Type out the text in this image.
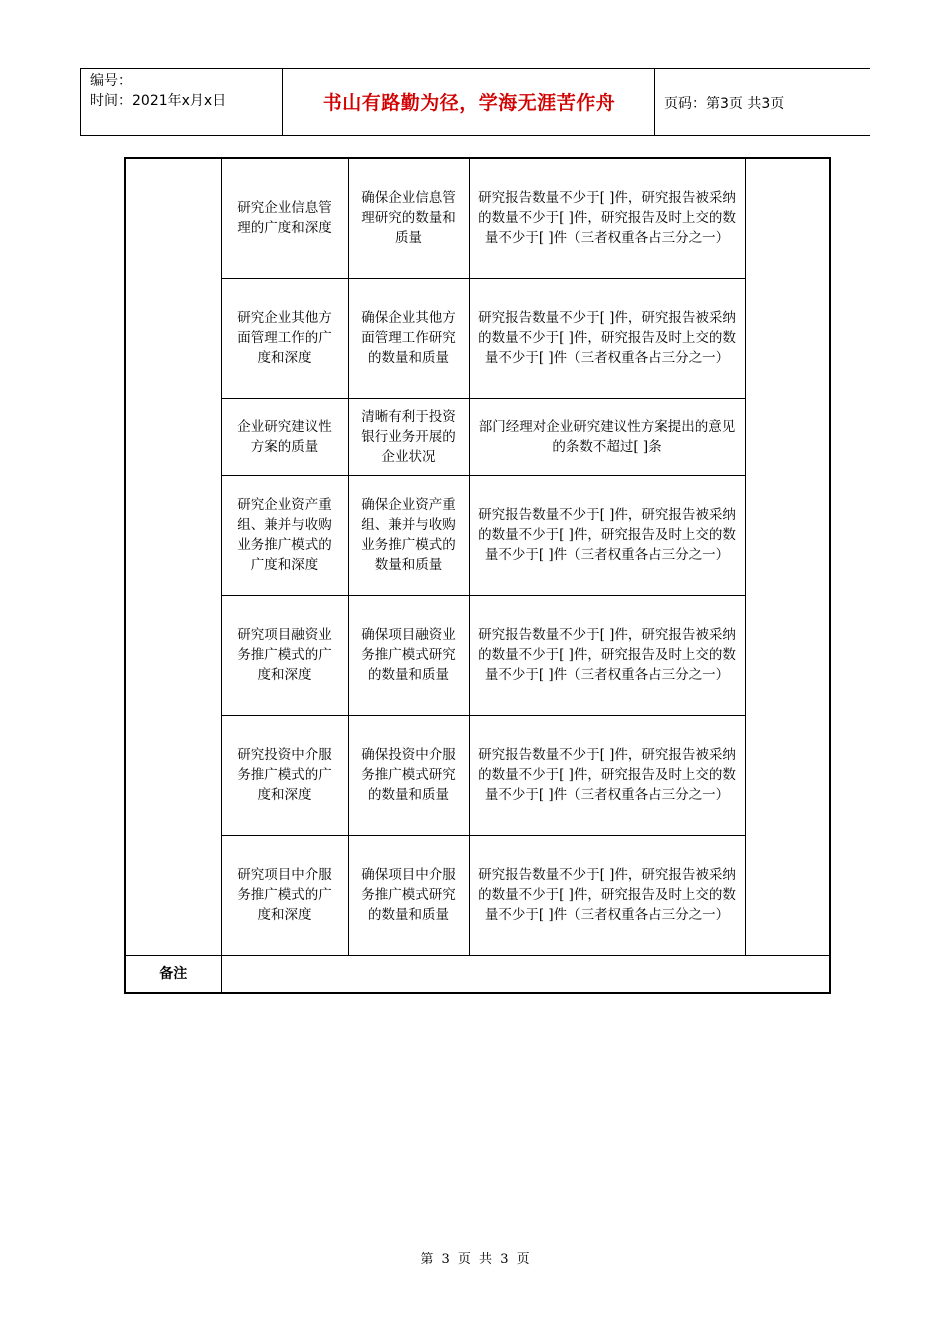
编号：
时间：2021年x月x日	书山有路勤为径，学海无涯苦作舟	页码：第3页 共3页
	研究企业信息管理的广度和深度	确保企业信息管理研究的数量和质量	研究报告数量不少于[ ]件，研究报告被采纳的数量不少于[ ]件，研究报告及时上交的数量不少于[ ]件（三者权重各占三分之一）	
	研究企业其他方面管理工作的广度和深度	确保企业其他方面管理工作研究的数量和质量	研究报告数量不少于[ ]件，研究报告被采纳的数量不少于[ ]件，研究报告及时上交的数量不少于[ ]件（三者权重各占三分之一）	
	企业研究建议性方案的质量	清晰有利于投资银行业务开展的企业状况	部门经理对企业研究建议性方案提出的意见的条数不超过[ ]条	
	研究企业资产重组、兼并与收购业务推广模式的广度和深度	确保企业资产重组、兼并与收购业务推广模式的数量和质量	研究报告数量不少于[ ]件，研究报告被采纳的数量不少于[ ]件，研究报告及时上交的数量不少于[ ]件（三者权重各占三分之一）	
	研究项目融资业务推广模式的广度和深度	确保项目融资业务推广模式研究的数量和质量	研究报告数量不少于[ ]件，研究报告被采纳的数量不少于[ ]件，研究报告及时上交的数量不少于[ ]件（三者权重各占三分之一）	
	研究投资中介服务推广模式的广度和深度	确保投资中介服务推广模式研究的数量和质量	研究报告数量不少于[ ]件，研究报告被采纳的数量不少于[ ]件，研究报告及时上交的数量不少于[ ]件（三者权重各占三分之一）	
	研究项目中介服务推广模式的广度和深度	确保项目中介服务推广模式研究的数量和质量	研究报告数量不少于[ ]件，研究报告被采纳的数量不少于[ ]件，研究报告及时上交的数量不少于[ ]件（三者权重各占三分之一）	
备注				
第 3 页 共 3 页
